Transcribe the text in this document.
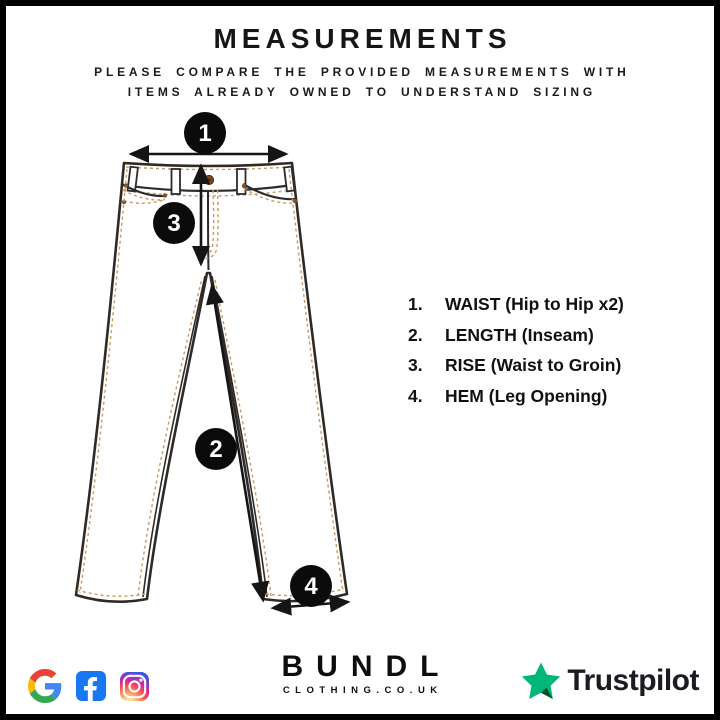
MEASUREMENTS
PLEASE COMPARE THE PROVIDED MEASUREMENTS WITH
ITEMS ALREADY OWNED TO UNDERSTAND SIZING
1
3
2
4
1.	WAIST (Hip to Hip x2)
2.	LENGTH (Inseam)
3.	RISE (Waist to Groin)
4.	HEM (Leg Opening)
BUNDL
CLOTHING.CO.UK	Trustpilot
